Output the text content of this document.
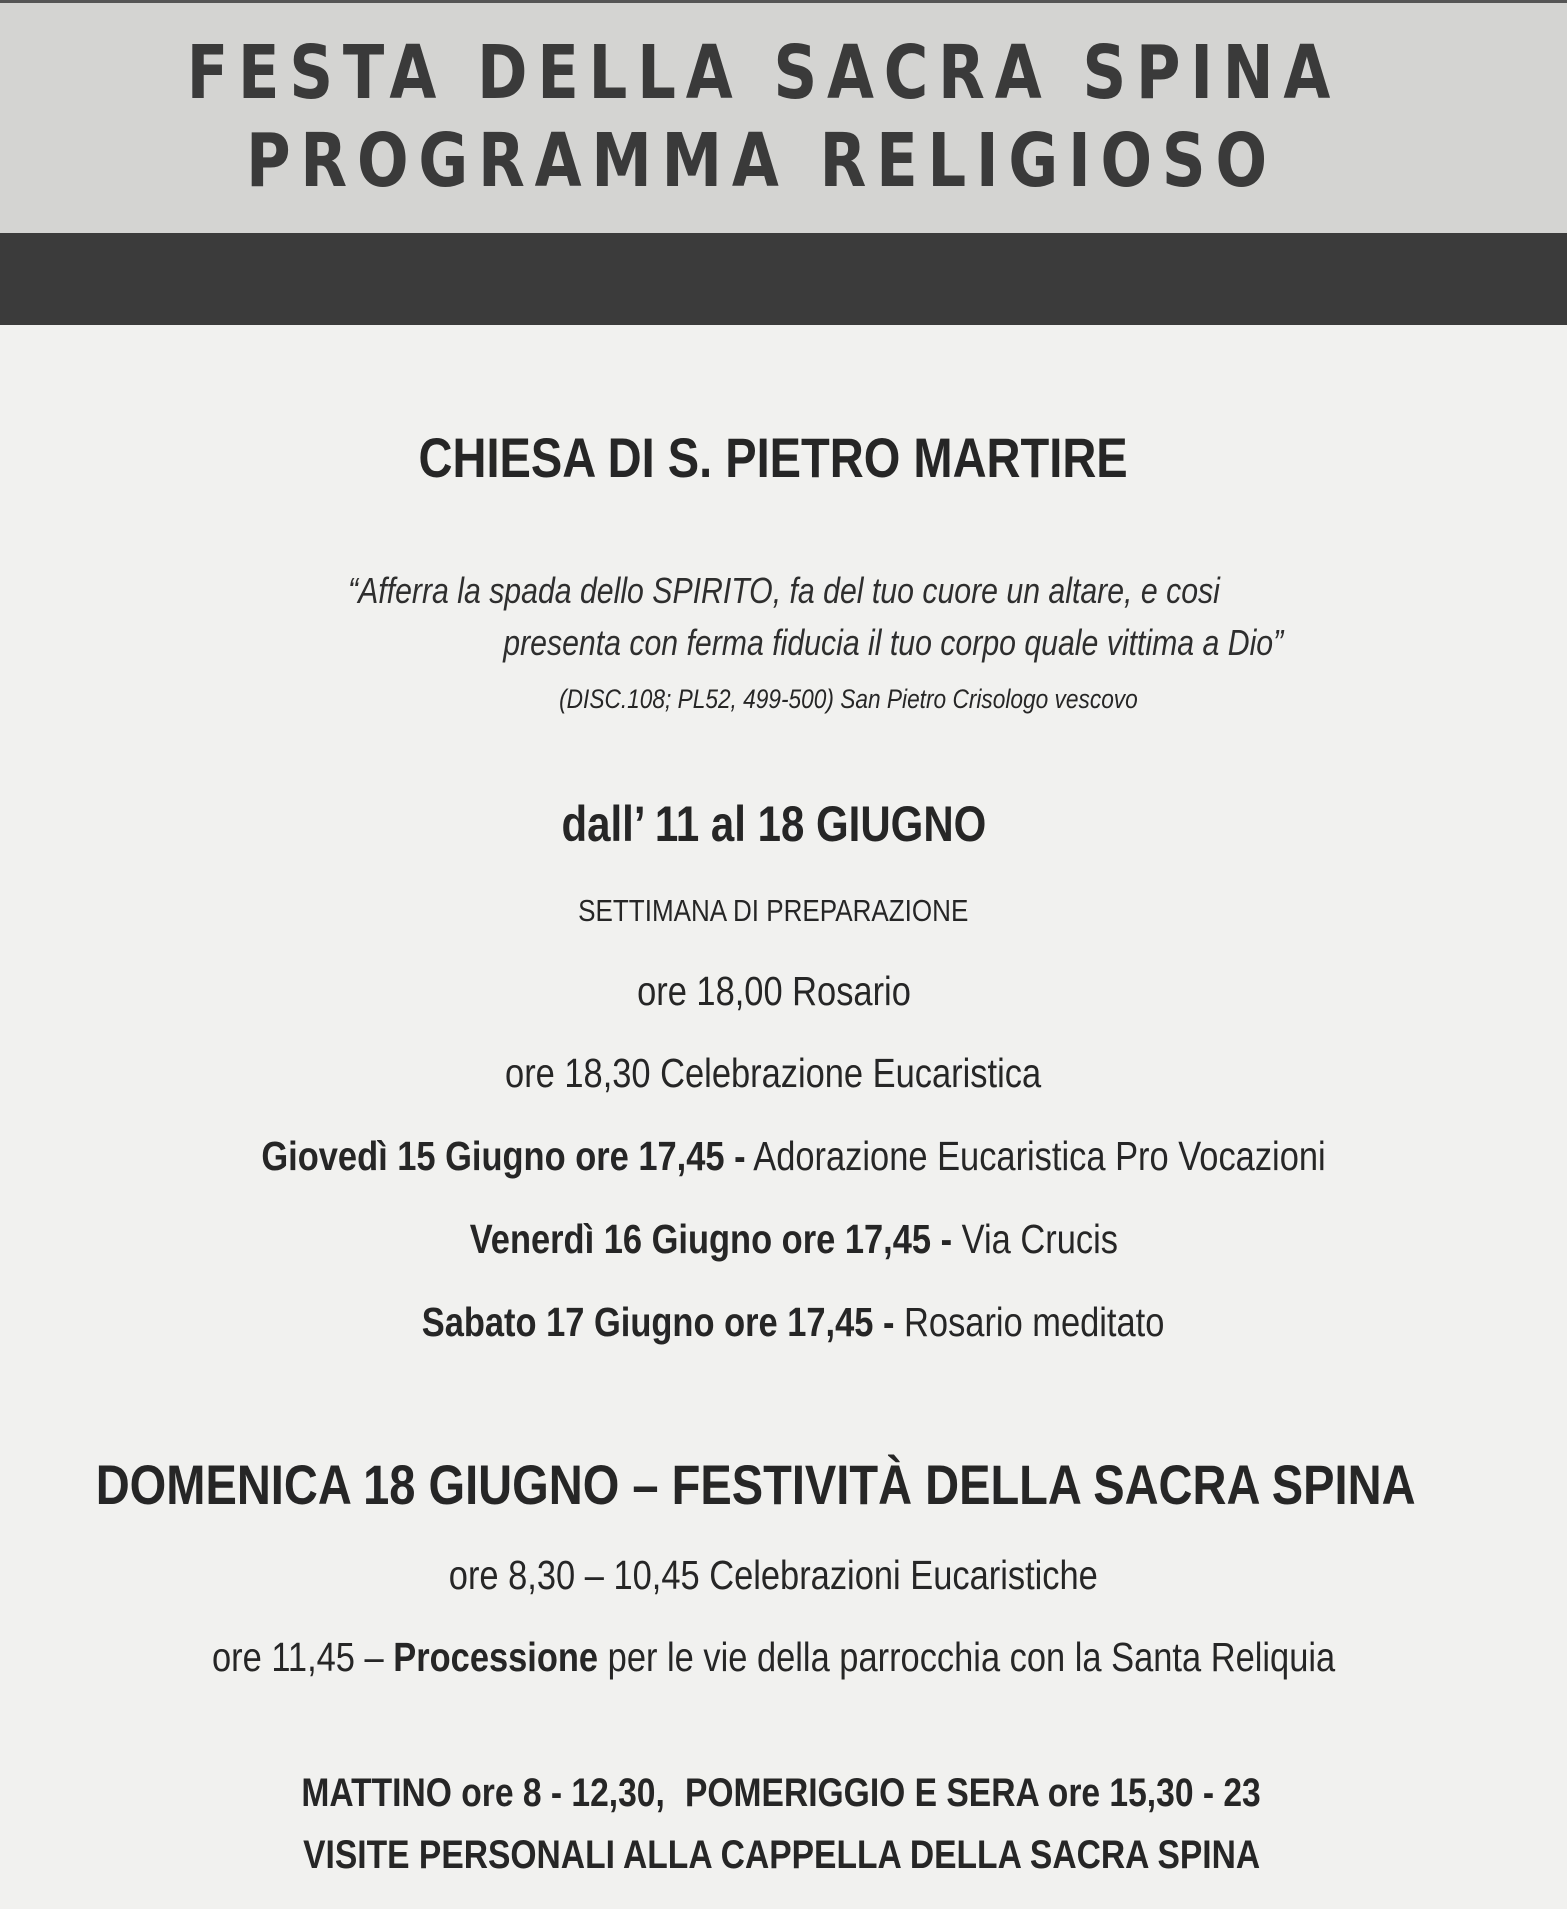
FESTA DELLA SACRA SPINA
PROGRAMMA RELIGIOSO
CHIESA DI S. PIETRO MARTIRE
“Afferra la spada dello SPIRITO, fa del tuo cuore un altare, e cosi
presenta con ferma fiducia il tuo corpo quale vittima a Dio”
(DISC.108; PL52, 499-500) San Pietro Crisologo vescovo
dall’ 11 al 18 GIUGNO
SETTIMANA DI PREPARAZIONE
ore 18,00 Rosario
ore 18,30 Celebrazione Eucaristica
Giovedì 15 Giugno ore 17,45 - Adorazione Eucaristica Pro Vocazioni
Venerdì 16 Giugno ore 17,45 - Via Crucis
Sabato 17 Giugno ore 17,45 - Rosario meditato
DOMENICA 18 GIUGNO – FESTIVITÀ DELLA SACRA SPINA
ore 8,30 – 10,45 Celebrazioni Eucaristiche
ore 11,45 – Processione per le vie della parrocchia con la Santa Reliquia
MATTINO ore 8 - 12,30, POMERIGGIO E SERA ore 15,30 - 23
VISITE PERSONALI ALLA CAPPELLA DELLA SACRA SPINA
